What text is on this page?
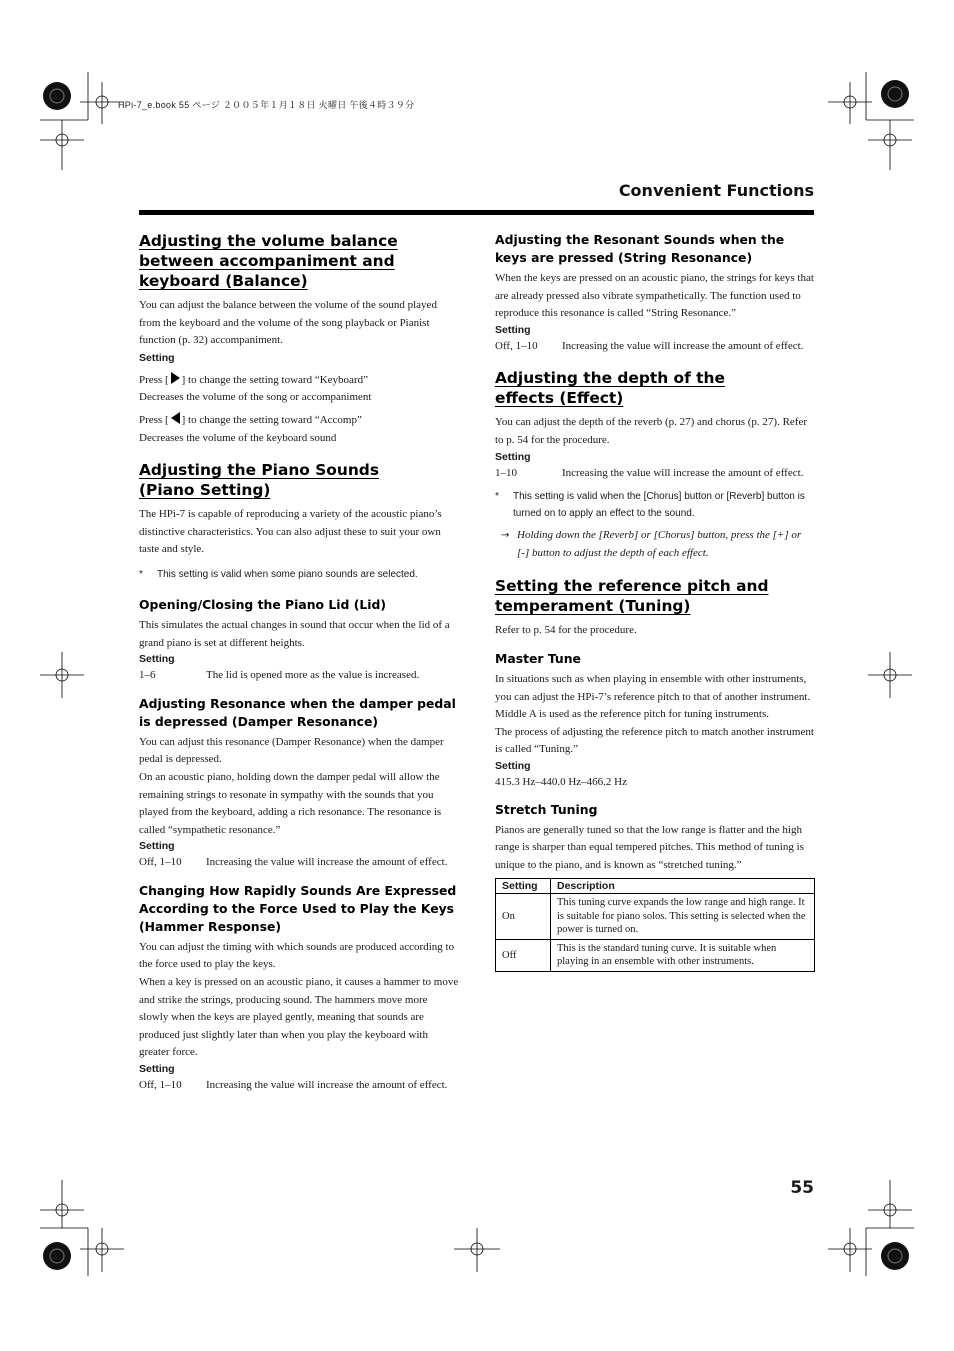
HPi-7_e.book 55 ページ ２００５年１月１８日 火曜日 午後４時３９分
Convenient Functions
Adjusting the volume balance between accompaniment and keyboard (Balance)

You can adjust the balance between the volume of the sound played from the keyboard and the volume of the song playback or Pianist function (p. 32) accompaniment.

Setting

Press [ ] to change the setting toward “Keyboard”

Decreases the volume of the song or accompaniment

Press [ ] to change the setting toward “Accomp”

Decreases the volume of the keyboard sound

Adjusting the Piano Sounds (Piano Setting)

The HPi-7 is capable of reproducing a variety of the acoustic piano’s distinctive characteristics. You can also adjust these to suit your own taste and style.

* This setting is valid when some piano sounds are selected.

Opening/Closing the Piano Lid (Lid)

This simulates the actual changes in sound that occur when the lid of a grand piano is set at different heights.

Setting

1–6	The lid is opened more as the value is increased.
Adjusting Resonance when the damper pedal is depressed (Damper Resonance)

You can adjust this resonance (Damper Resonance) when the damper pedal is depressed.

On an acoustic piano, holding down the damper pedal will allow the remaining strings to resonate in sympathy with the sounds that you played from the keyboard, adding a rich resonance. The resonance is called “sympathetic resonance.”

Setting

Off, 1–10	Increasing the value will increase the amount of effect.
Changing How Rapidly Sounds Are Expressed According to the Force Used to Play the Keys (Hammer Response)

You can adjust the timing with which sounds are produced according to the force used to play the keys.

When a key is pressed on an acoustic piano, it causes a hammer to move and strike the strings, producing sound. The hammers move more slowly when the keys are played gently, meaning that sounds are produced just slightly later than when you play the keyboard with greater force.

Setting

Off, 1–10	Increasing the value will increase the amount of effect.
Adjusting the Resonant Sounds when the keys are pressed (String Resonance)

When the keys are pressed on an acoustic piano, the strings for keys that are already pressed also vibrate sympathetically. The function used to reproduce this resonance is called “String Resonance.”

Setting

Off, 1–10	Increasing the value will increase the amount of effect.
Adjusting the depth of the effects (Effect)

You can adjust the depth of the reverb (p. 27) and chorus (p. 27). Refer to p. 54 for the procedure.

Setting

1–10	Increasing the value will increase the amount of effect.

* This setting is valid when the [Chorus] button or [Reverb] button is turned on to apply an effect to the sound.

→ Holding down the [Reverb] or [Chorus] button, press the [+] or [-] button to adjust the depth of each effect.

Setting the reference pitch and temperament (Tuning)

Refer to p. 54 for the procedure.

Master Tune

In situations such as when playing in ensemble with other instruments, you can adjust the HPi-7’s reference pitch to that of another instrument. Middle A is used as the reference pitch for tuning instruments.

The process of adjusting the reference pitch to match another instrument is called “Tuning.”

Setting

415.3 Hz–440.0 Hz–466.2 Hz

Stretch Tuning

Pianos are generally tuned so that the low range is flatter and the high range is sharper than equal tempered pitches. This method of tuning is unique to the piano, and is known as “stretched tuning.”

Setting	Description
On	This tuning curve expands the low range and high range. It is suitable for piano solos. This setting is selected when the power is turned on.
Off	This is the standard tuning curve. It is suitable when playing in an ensemble with other instruments.
55
